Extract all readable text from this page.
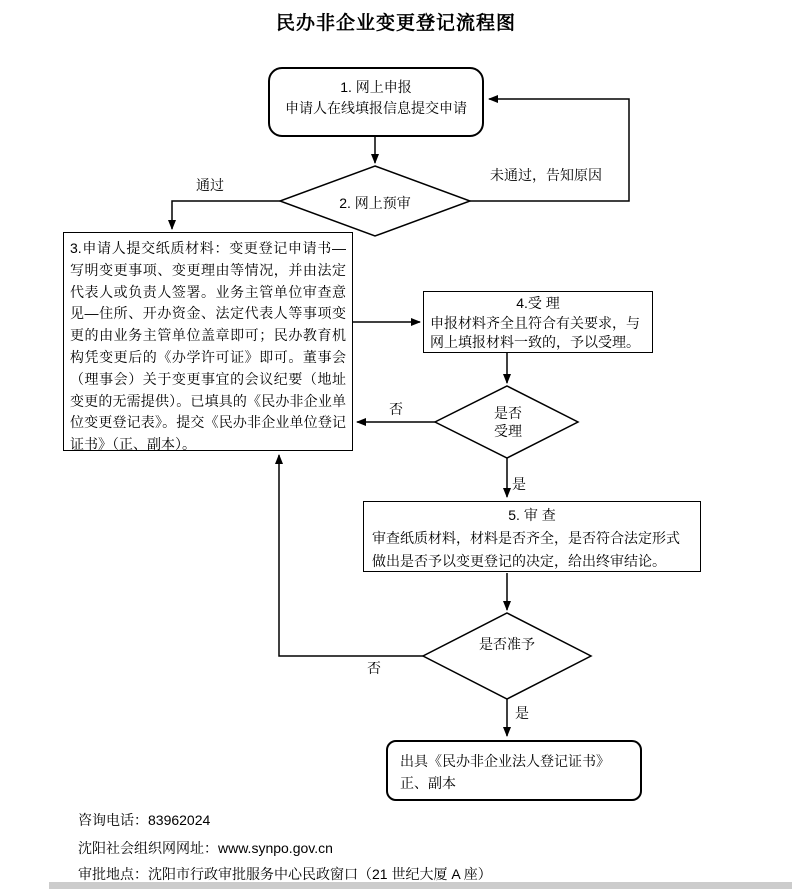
民办非企业变更登记流程图
1. 网上申报
申请人在线填报信息提交申请
2. 网上预审
3.申请人提交纸质材料：变更登记申请书—写明变更事项、变更理由等情况，并由法定代表人或负责人签署。业务主管单位审查意见—住所、开办资金、法定代表人等事项变更的由业务主管单位盖章即可；民办教育机构凭变更后的《办学许可证》即可。董事会（理事会）关于变更事宜的会议纪要（地址变更的无需提供）。已填具的《民办非企业单位变更登记表》。提交《民办非企业单位登记证书》（正、副本）。
4.受 理
申报材料齐全且符合有关要求，与网上填报材料一致的，予以受理。
是否
受理
5. 审 查
审查纸质材料，材料是否齐全，是否符合法定形式做出是否予以变更登记的决定，给出终审结论。
是否准予
出具《民办非企业法人登记证书》正、副本
通过
未通过，告知原因
否
是
否
是
咨询电话：83962024
沈阳社会组织网网址：www.synpo.gov.cn
审批地点：沈阳市行政审批服务中心民政窗口（21 世纪大厦 A 座）
